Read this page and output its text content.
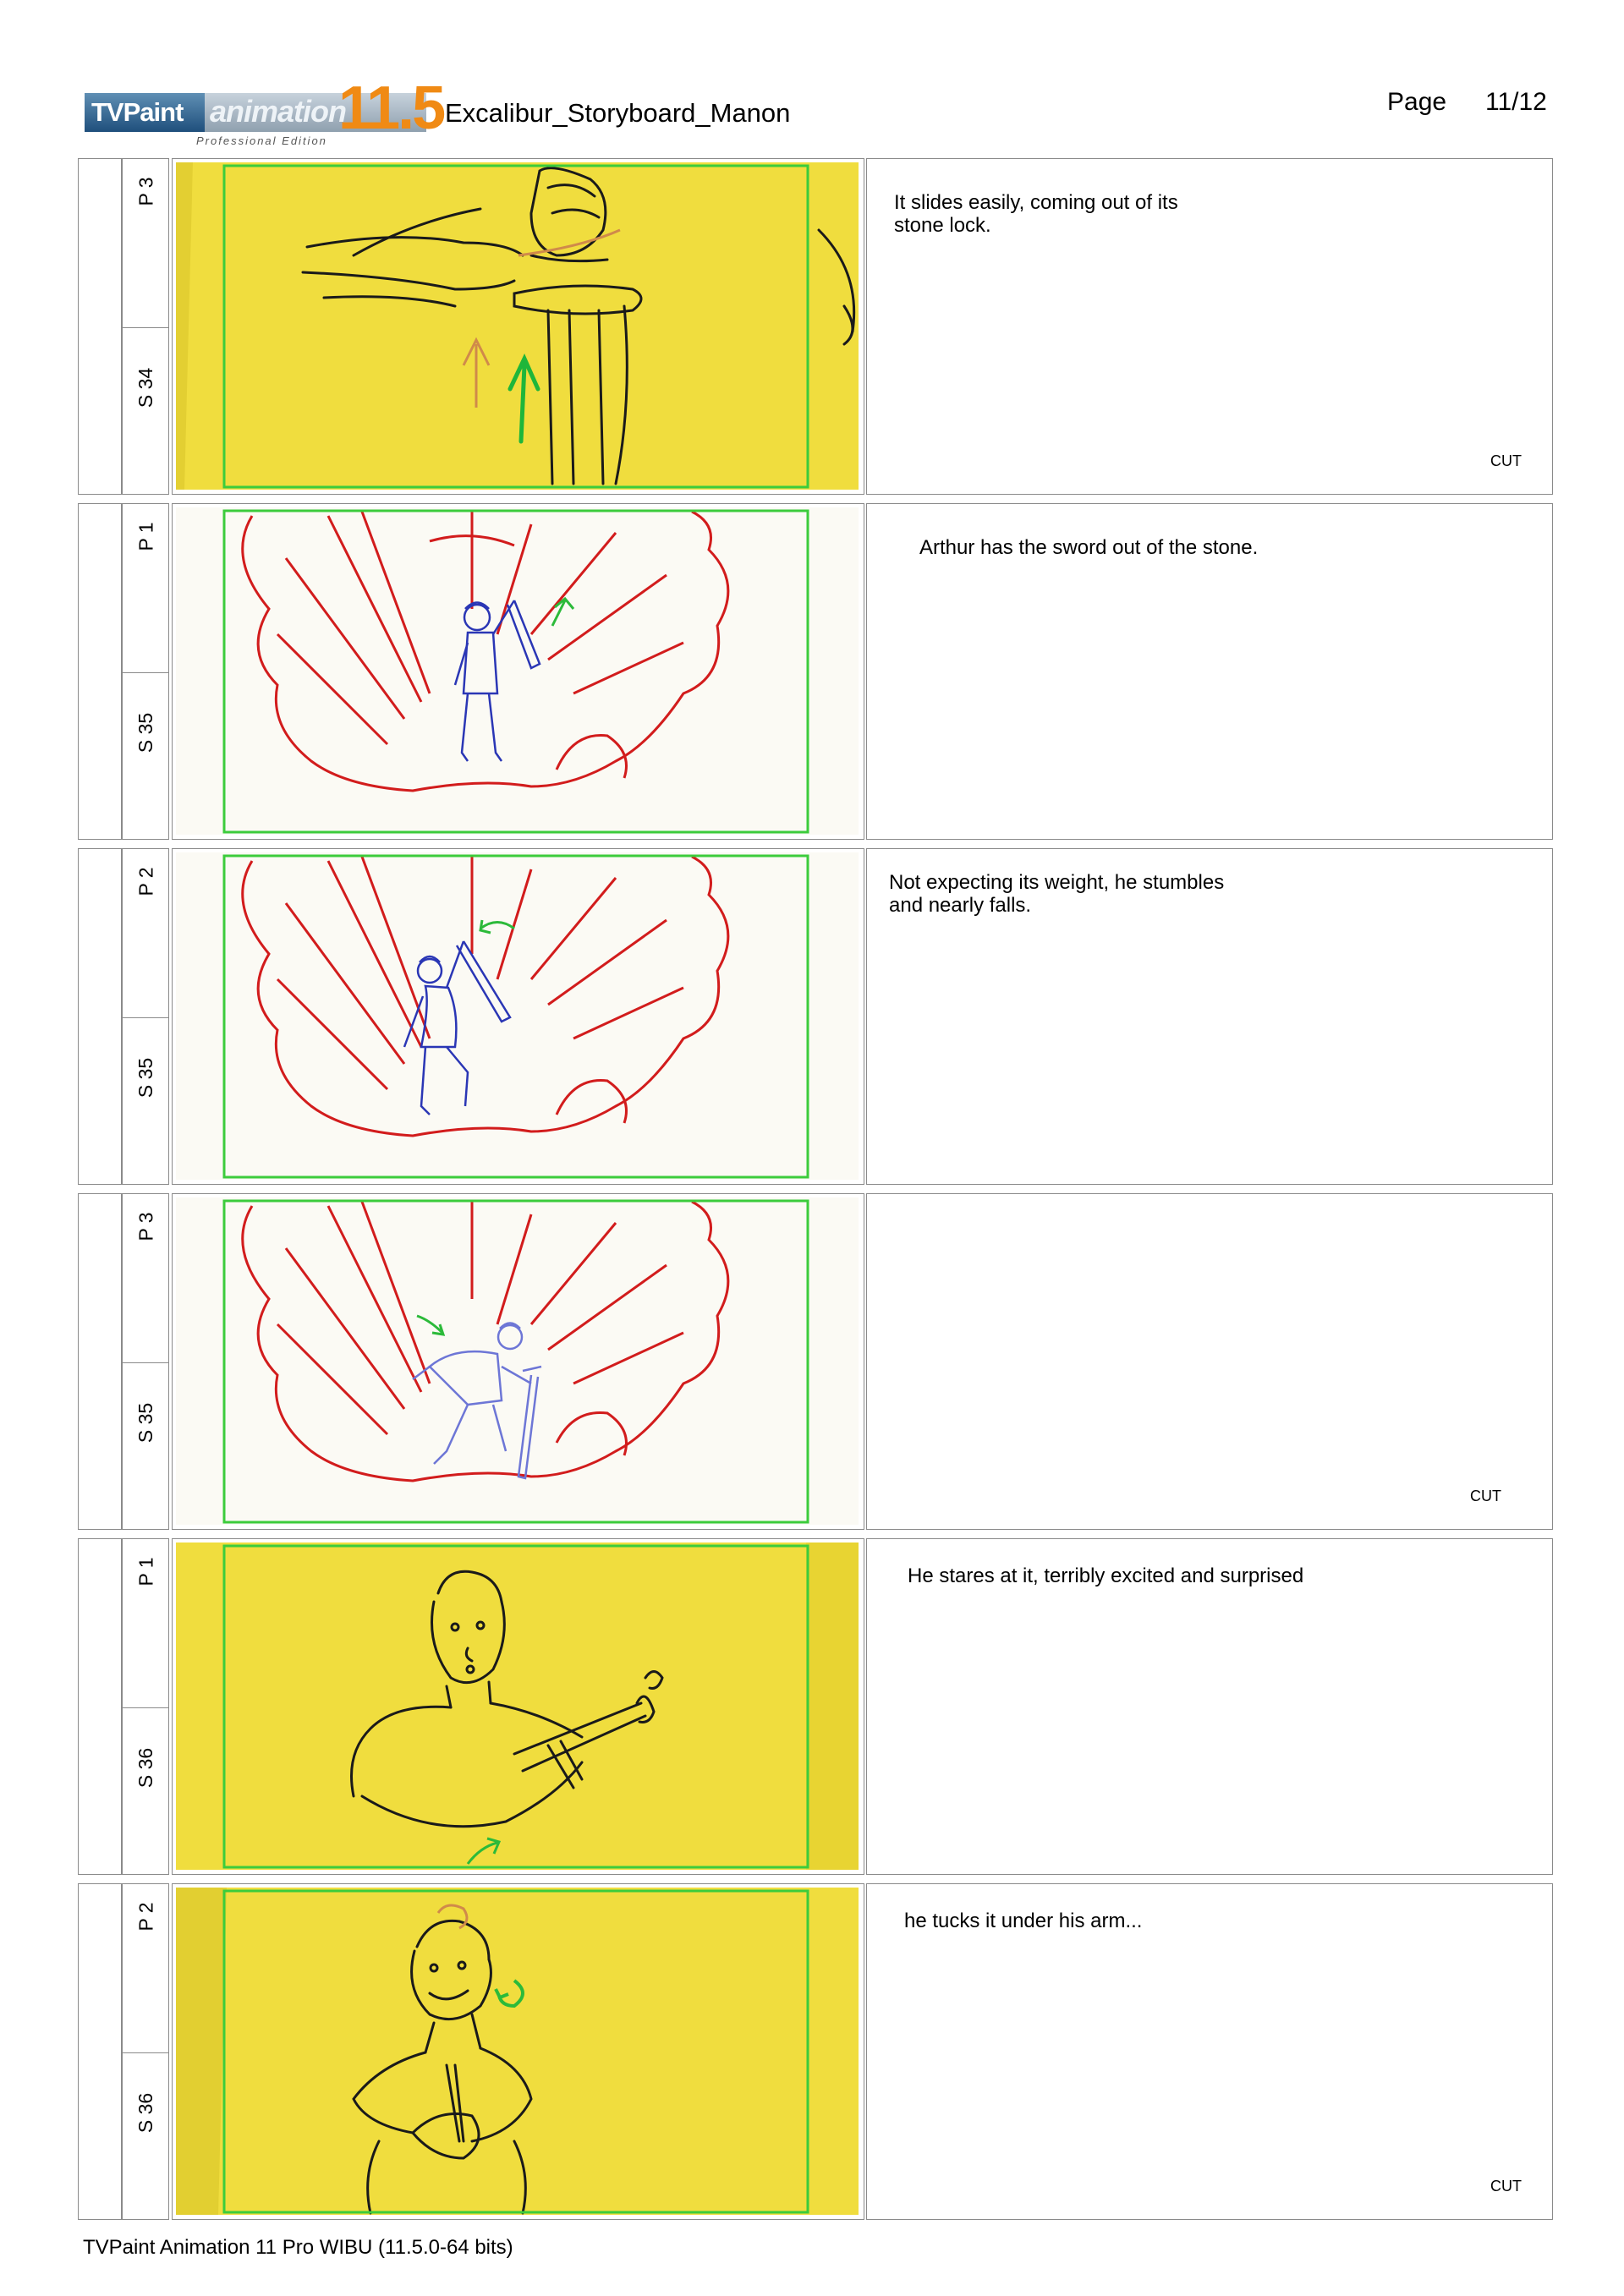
TVPaint animation
11.5
Professional Edition
Excalibur_Storyboard_Manon	Page 11/12
P 3
S 34
It slides easily, coming out of its
stone lock.
CUT
P 1
S 35
Arthur has the sword out of the stone.
P 2
S 35
Not expecting its weight, he stumbles
and nearly falls.
P 3
S 35
CUT
P 1
S 36
He stares at it, terribly excited and surprised
P 2
S 36
he tucks it under his arm...
CUT
TVPaint Animation 11 Pro WIBU (11.5.0-64 bits)
